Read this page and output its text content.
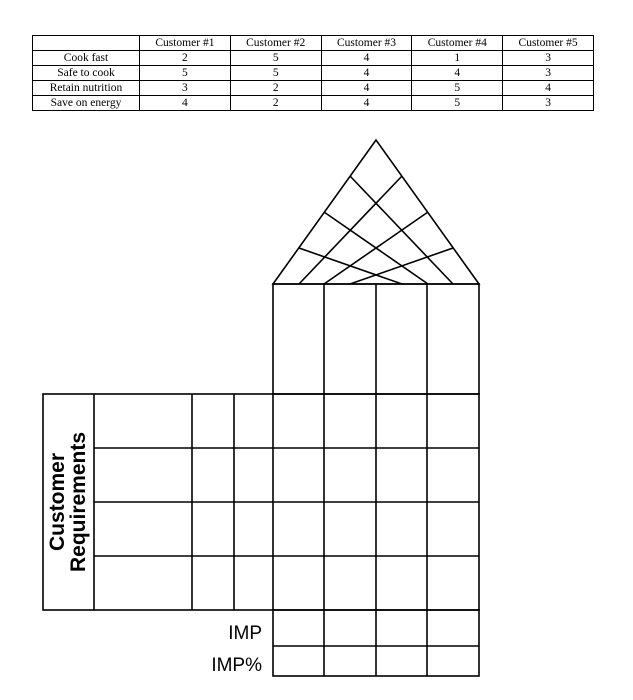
	Customer #1	Customer #2	Customer #3	Customer #4	Customer #5
Cook fast	2	5	4	1	3
Safe to cook	5	5	4	4	3
Retain nutrition	3	2	4	5	4
Save on energy	4	2	4	5	3
Customer
Requirements
IMP
IMP%
